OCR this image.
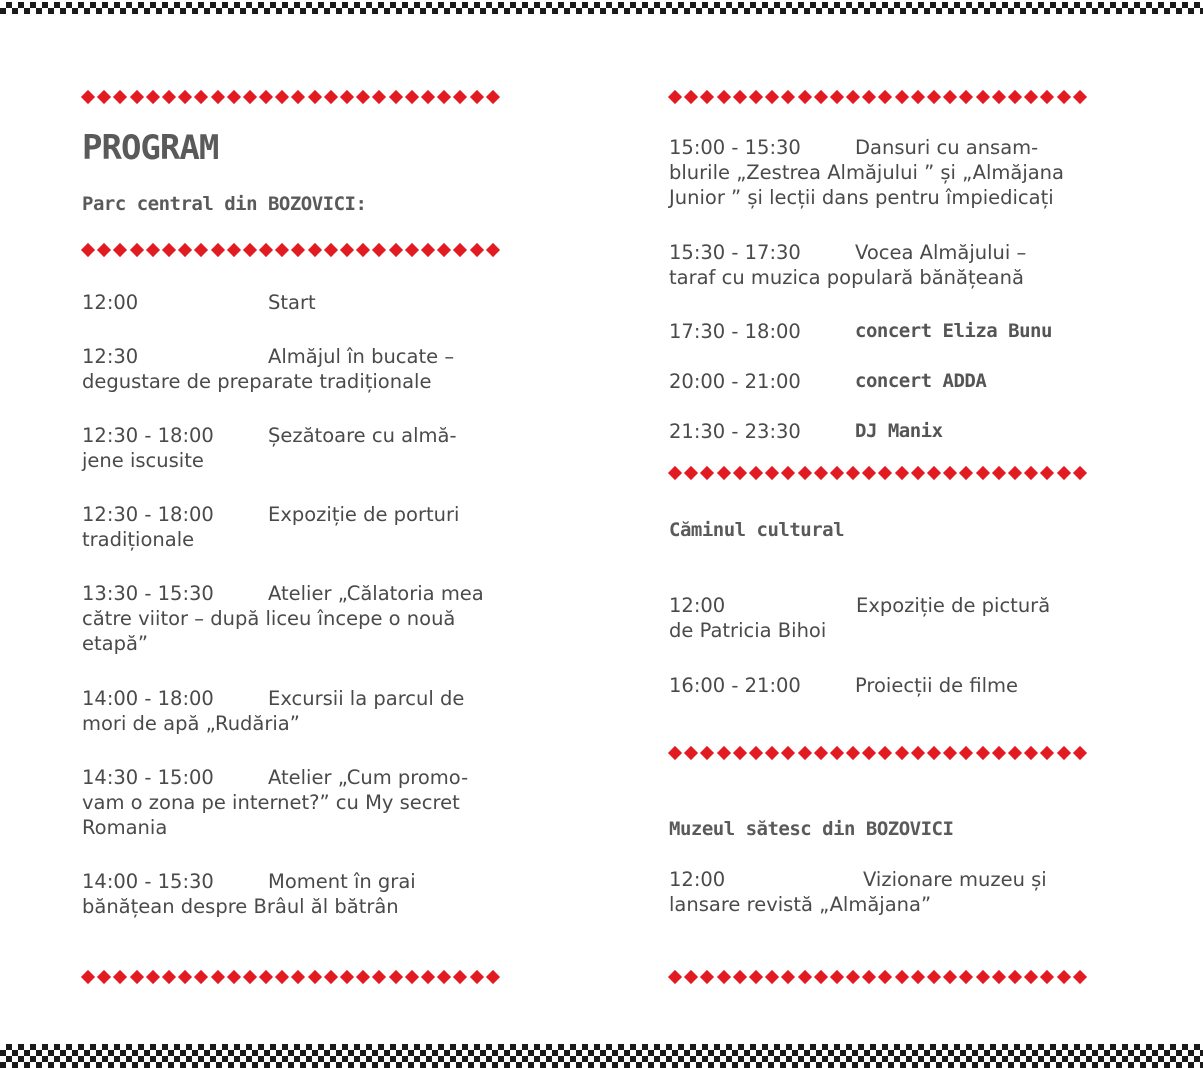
PROGRAM
Parc central din BOZOVICI:
12:00	Start
12:30	Almăjul în bucate –
degustare de preparate tradiționale
12:30 - 18:00	Șezătoare cu almă-
jene iscusite
12:30 - 18:00	Expoziție de porturi
tradiționale
13:30 - 15:30	Atelier „Călatoria mea
către viitor – după liceu începe o nouă
etapă”
14:00 - 18:00	Excursii la parcul de
mori de apă „Rudăria”
14:30 - 15:00	Atelier „Cum promo-
vam o zona pe internet?” cu My secret
Romania
14:00 - 15:30	Moment în grai
bănățean despre Brâul ăl bătrân
15:00 - 15:30	Dansuri cu ansam-
blurile „Zestrea Almăjului ” și „Almăjana
Junior ” și lecții dans pentru împiedicați
15:30 - 17:30	Vocea Almăjului –
taraf cu muzica populară bănățeană
17:30 - 18:00	concert Eliza Bunu
20:00 - 21:00	concert ADDA
21:30 - 23:30	DJ Manix
Căminul cultural
12:00	Expoziție de pictură
de Patricia Bihoi
16:00 - 21:00	Proiecții de filme
Muzeul sătesc din BOZOVICI
12:00	Vizionare muzeu și
lansare revistă „Almăjana”
